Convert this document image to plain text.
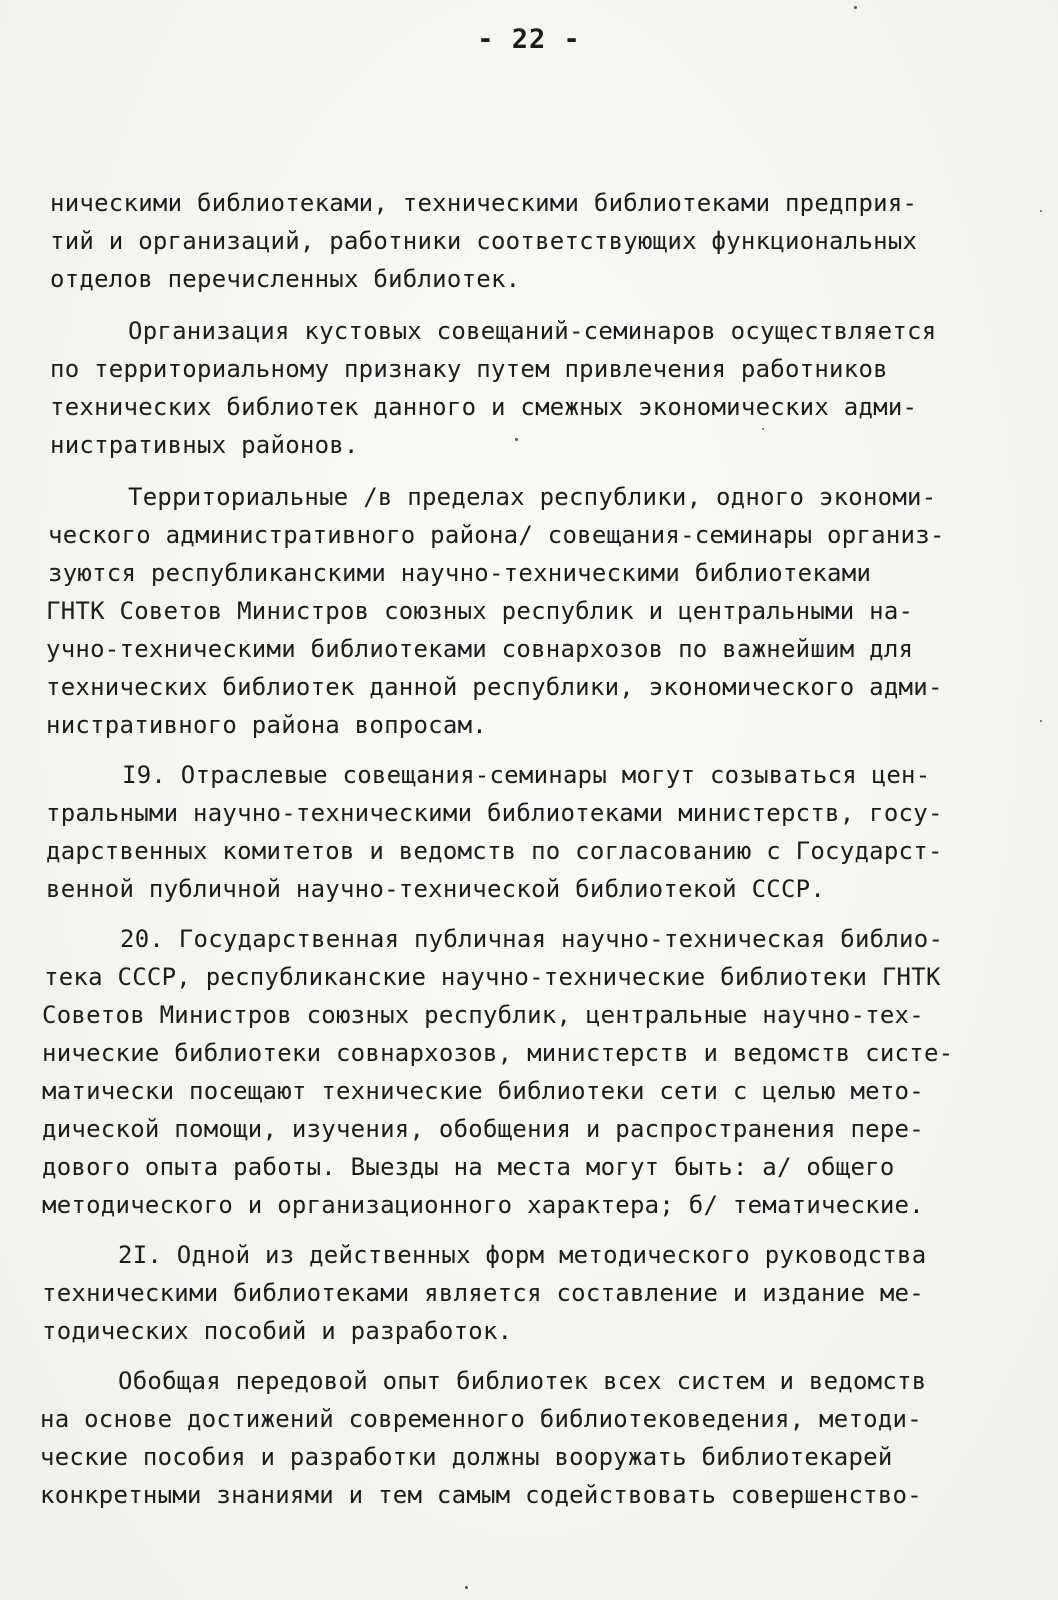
- 22 -
ническими библиотеками, техническими библиотеками предприя-
тий и организаций, работники соответствующих функциональных
отделов перечисленных библиотек.
Организация кустовых совещаний-семинаров осуществляется
по территориальному признаку путем привлечения работников
технических библиотек данного и смежных экономических адми-
нистративных районов.
Территориальные /в пределах республики, одного экономи-
ческого административного района/ совещания-семинары организ-
зуются республиканскими научно-техническими библиотеками
ГНТК Советов Министров союзных республик и центральными на-
учно-техническими библиотеками совнархозов по важнейшим для
технических библиотек данной республики, экономического адми-
нистративного района вопросам.
I9. Отраслевые совещания-семинары могут созываться цен-
тральными научно-техническими библиотеками министерств, госу-
дарственных комитетов и ведомств по согласованию с Государст-
венной публичной научно-технической библиотекой СССР.
20. Государственная публичная научно-техническая библио-
тека СССР, республиканские научно-технические библиотеки ГНТК
Советов Министров союзных республик, центральные научно-тех-
нические библиотеки совнархозов, министерств и ведомств систе-
матически посещают технические библиотеки сети с целью мето-
дической помощи, изучения, обобщения и распространения пере-
дового опыта работы. Выезды на места могут быть: а/ общего
методического и организационного характера; б/ тематические.
2I. Одной из действенных форм методического руководства
техническими библиотеками является составление и издание ме-
тодических пособий и разработок.
Обобщая передовой опыт библиотек всех систем и ведомств
на основе достижений современного библиотековедения, методи-
ческие пособия и разработки должны вооружать библиотекарей
конкретными знаниями и тем самым содействовать совершенство-
